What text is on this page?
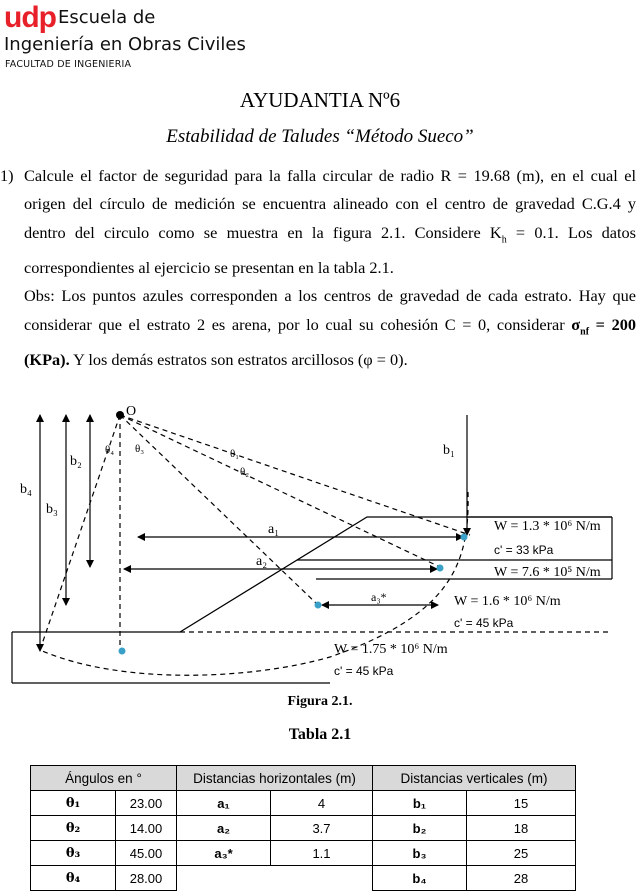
udp Escuela de
Ingeniería en Obras Civiles
FACULTAD DE INGENIERIA
AYUDANTIA Nº6
Estabilidad de Taludes “Método Sueco”
1) Calcule el factor de seguridad para la falla circular de radio R = 19.68 (m), en el cual el origen del círculo de medición se encuentra alineado con el centro de gravedad C.G.4 y dentro del circulo como se muestra en la figura 2.1. Considere $K_h = 0.1$. Los datos correspondientes al ejercicio se presentan en la tabla 2.1.

Obs: Los puntos azules corresponden a los centros de gravedad de cada estrato. Hay que considerar que el estrato 2 es arena, por lo cual su cohesión C = 0, considerar $\sigma_{nf} = 200$ (KPa). Y los demás estratos son estratos arcillosos (φ = 0).

O
θ₄ θ₃	θ₁
θ₂
b₁
b₂
b₃
b₄
a₁
a₂
a₃*
W = 1.3 * 10⁶ N/m
c' = 33 kPa
W = 7.6 * 10⁵ N/m
W = 1.6 * 10⁶ N/m
c' = 45 kPa
W = 1.75 * 10⁶ N/m
c' = 45 kPa
Figura 2.1.
Tabla 2.1
Ángulos en °		Distancias horizontales (m)		Distancias verticales (m)	
θ₁	23.00	a₁	4	b₁	15
θ₂	14.00	a₂	3.7	b₂	18
θ₃	45.00	a₃*	1.1	b₃	25
θ₄	28.00			b₄	28
